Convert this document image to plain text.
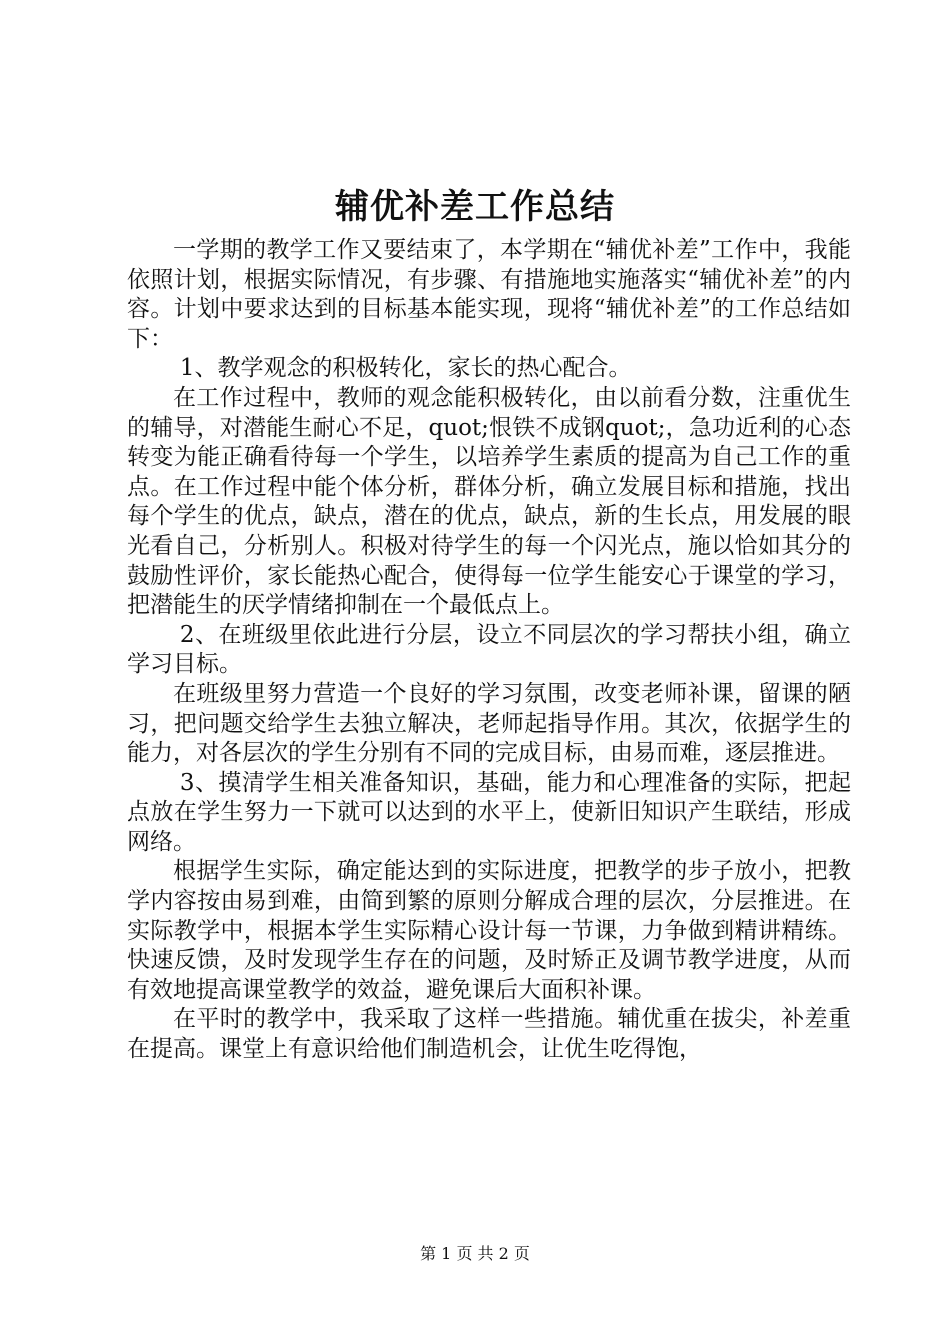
辅优补差工作总结

一学期的教学工作又要结束了，本学期在“辅优补差”工作中，我能依照计划，根据实际情况，有步骤、有措施地实施落实“辅优补差”的内容。计划中要求达到的目标基本能实现，现将“辅优补差”的工作总结如下：

1、教学观念的积极转化，家长的热心配合。

在工作过程中，教师的观念能积极转化，由以前看分数，注重优生的辅导，对潜能生耐心不足，quot;恨铁不成钢quot;，急功近利的心态转变为能正确看待每一个学生，以培养学生素质的提高为自己工作的重点。在工作过程中能个体分析，群体分析，确立发展目标和措施，找出每个学生的优点，缺点，潜在的优点，缺点，新的生长点，用发展的眼光看自己，分析别人。积极对待学生的每一个闪光点，施以恰如其分的鼓励性评价，家长能热心配合，使得每一位学生能安心于课堂的学习，把潜能生的厌学情绪抑制在一个最低点上。

2、在班级里依此进行分层，设立不同层次的学习帮扶小组，确立学习目标。

在班级里努力营造一个良好的学习氛围，改变老师补课，留课的陋习，把问题交给学生去独立解决，老师起指导作用。其次，依据学生的能力，对各层次的学生分别有不同的完成目标，由易而难，逐层推进。

3、摸清学生相关准备知识，基础，能力和心理准备的实际，把起点放在学生努力一下就可以达到的水平上，使新旧知识产生联结，形成网络。

根据学生实际，确定能达到的实际进度，把教学的步子放小，把教学内容按由易到难，由简到繁的原则分解成合理的层次，分层推进。在实际教学中，根据本学生实际精心设计每一节课，力争做到精讲精练。快速反馈，及时发现学生存在的问题，及时矫正及调节教学进度，从而有效地提高课堂教学的效益，避免课后大面积补课。

在平时的教学中，我采取了这样一些措施。辅优重在拔尖，补差重在提高。课堂上有意识给他们制造机会，让优生吃得饱，

第 1 页 共 2 页
